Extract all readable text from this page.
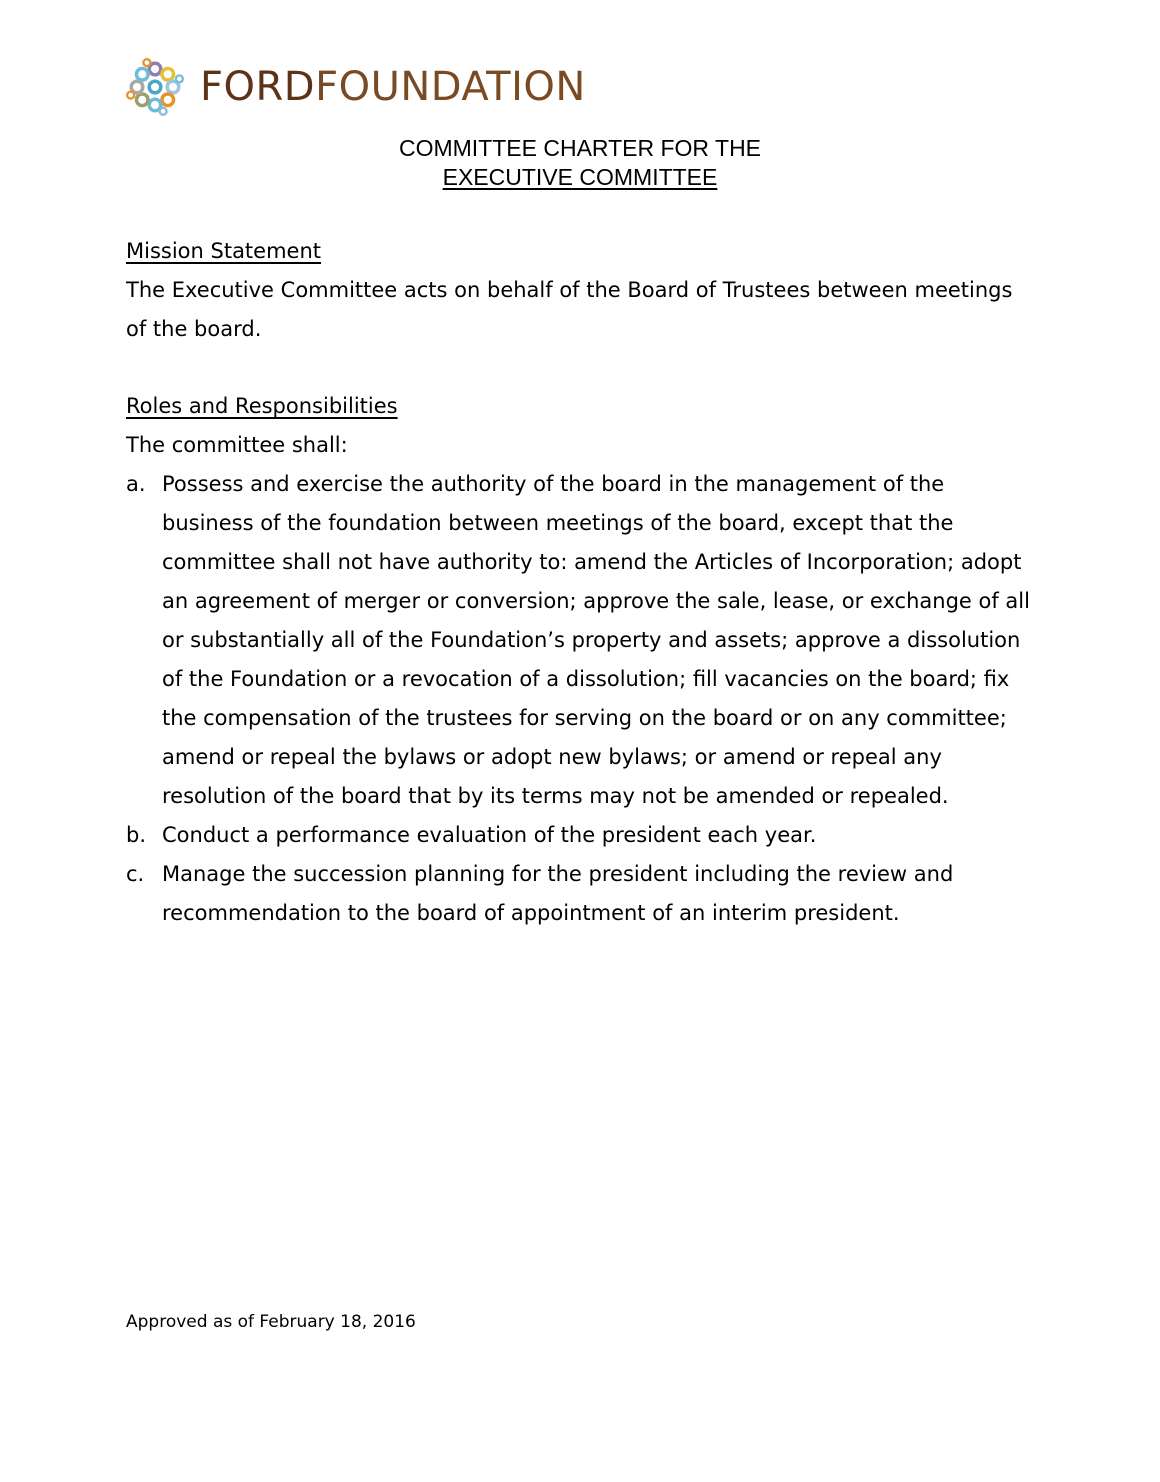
FORDFOUNDATION
COMMITTEE CHARTER FOR THE
EXECUTIVE COMMITTEE
Mission Statement
The Executive Committee acts on behalf of the Board of Trustees between meetings of the board.
Roles and Responsibilities
The committee shall:
a. Possess and exercise the authority of the board in the management of the business of the foundation between meetings of the board, except that the committee shall not have authority to: amend the Articles of Incorporation; adopt an agreement of merger or conversion; approve the sale, lease, or exchange of all or substantially all of the Foundation’s property and assets; approve a dissolution of the Foundation or a revocation of a dissolution; fill vacancies on the board; fix the compensation of the trustees for serving on the board or on any committee; amend or repeal the bylaws or adopt new bylaws; or amend or repeal any resolution of the board that by its terms may not be amended or repealed.
b. Conduct a performance evaluation of the president each year.
c. Manage the succession planning for the president including the review and recommendation to the board of appointment of an interim president.
Approved as of February 18, 2016
